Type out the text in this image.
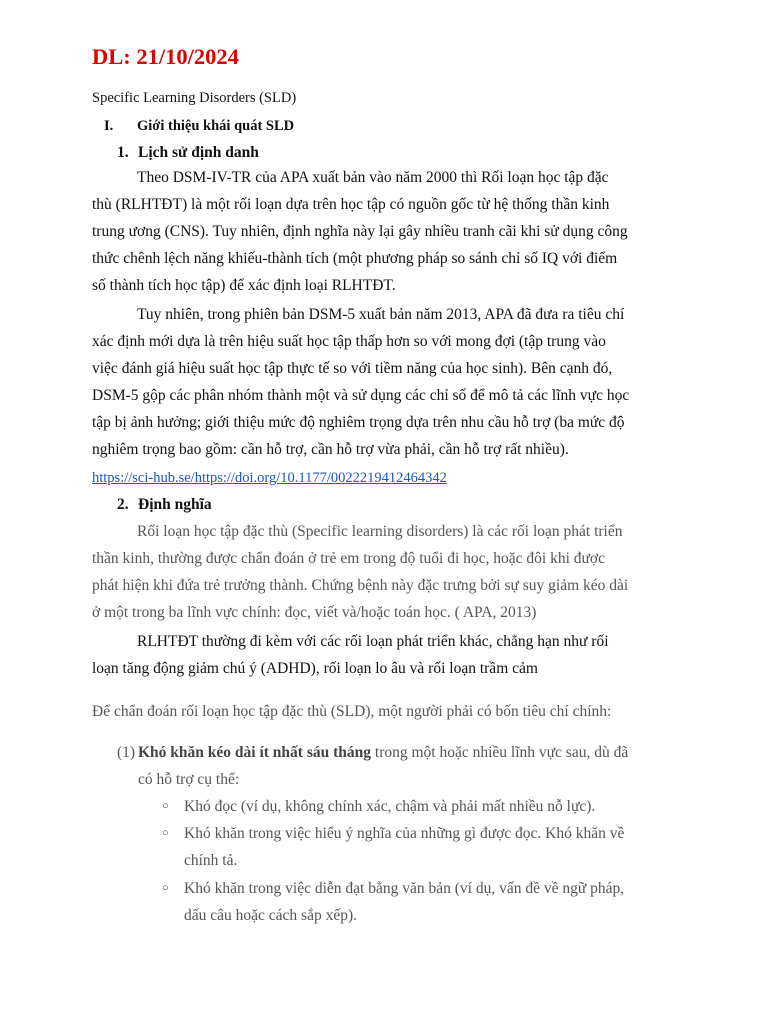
DL: 21/10/2024
Specific Learning Disorders (SLD)
I. Giới thiệu khái quát SLD
1. Lịch sử định danh
Theo DSM-IV-TR của APA xuất bản vào năm 2000 thì Rối loạn học tập đặc
thù (RLHTĐT) là một rối loạn dựa trên học tập có nguồn gốc từ hệ thống thần kinh
trung ương (CNS). Tuy nhiên, định nghĩa này lại gây nhiều tranh cãi khi sử dụng công
thức chênh lệch năng khiếu-thành tích (một phương pháp so sánh chỉ số IQ với điểm
số thành tích học tập) để xác định loại RLHTĐT.
Tuy nhiên, trong phiên bản DSM-5 xuất bản năm 2013, APA đã đưa ra tiêu chí
xác định mới dựa là trên hiệu suất học tập thấp hơn so với mong đợi (tập trung vào
việc đánh giá hiệu suất học tập thực tế so với tiềm năng của học sinh). Bên cạnh đó,
DSM-5 gộp các phân nhóm thành một và sử dụng các chỉ số để mô tả các lĩnh vực học
tập bị ảnh hưởng; giới thiệu mức độ nghiêm trọng dựa trên nhu cầu hỗ trợ (ba mức độ
nghiêm trọng bao gồm: cần hỗ trợ, cần hỗ trợ vừa phải, cần hỗ trợ rất nhiều).
https://sci-hub.se/https://doi.org/10.1177/0022219412464342
2. Định nghĩa
Rối loạn học tập đặc thù (Specific learning disorders) là các rối loạn phát triển
thần kinh, thường được chẩn đoán ở trẻ em trong độ tuổi đi học, hoặc đôi khi được
phát hiện khi đứa trẻ trưởng thành. Chứng bệnh này đặc trưng bởi sự suy giảm kéo dài
ở một trong ba lĩnh vực chính: đọc, viết và/hoặc toán học. ( APA, 2013)
RLHTĐT thường đi kèm với các rối loạn phát triển khác, chẳng hạn như rối
loạn tăng động giảm chú ý (ADHD), rối loạn lo âu và rối loạn trầm cảm
Để chẩn đoán rối loạn học tập đặc thù (SLD), một người phải có bốn tiêu chí chính:
(1) Khó khăn kéo dài ít nhất sáu tháng trong một hoặc nhiều lĩnh vực sau, dù đã
có hỗ trợ cụ thể:
○ Khó đọc (ví dụ, không chính xác, chậm và phải mất nhiều nỗ lực).
○ Khó khăn trong việc hiểu ý nghĩa của những gì được đọc. Khó khăn về
chính tả.
○ Khó khăn trong việc diễn đạt bằng văn bản (ví dụ, vấn đề về ngữ pháp,
dấu câu hoặc cách sắp xếp).
